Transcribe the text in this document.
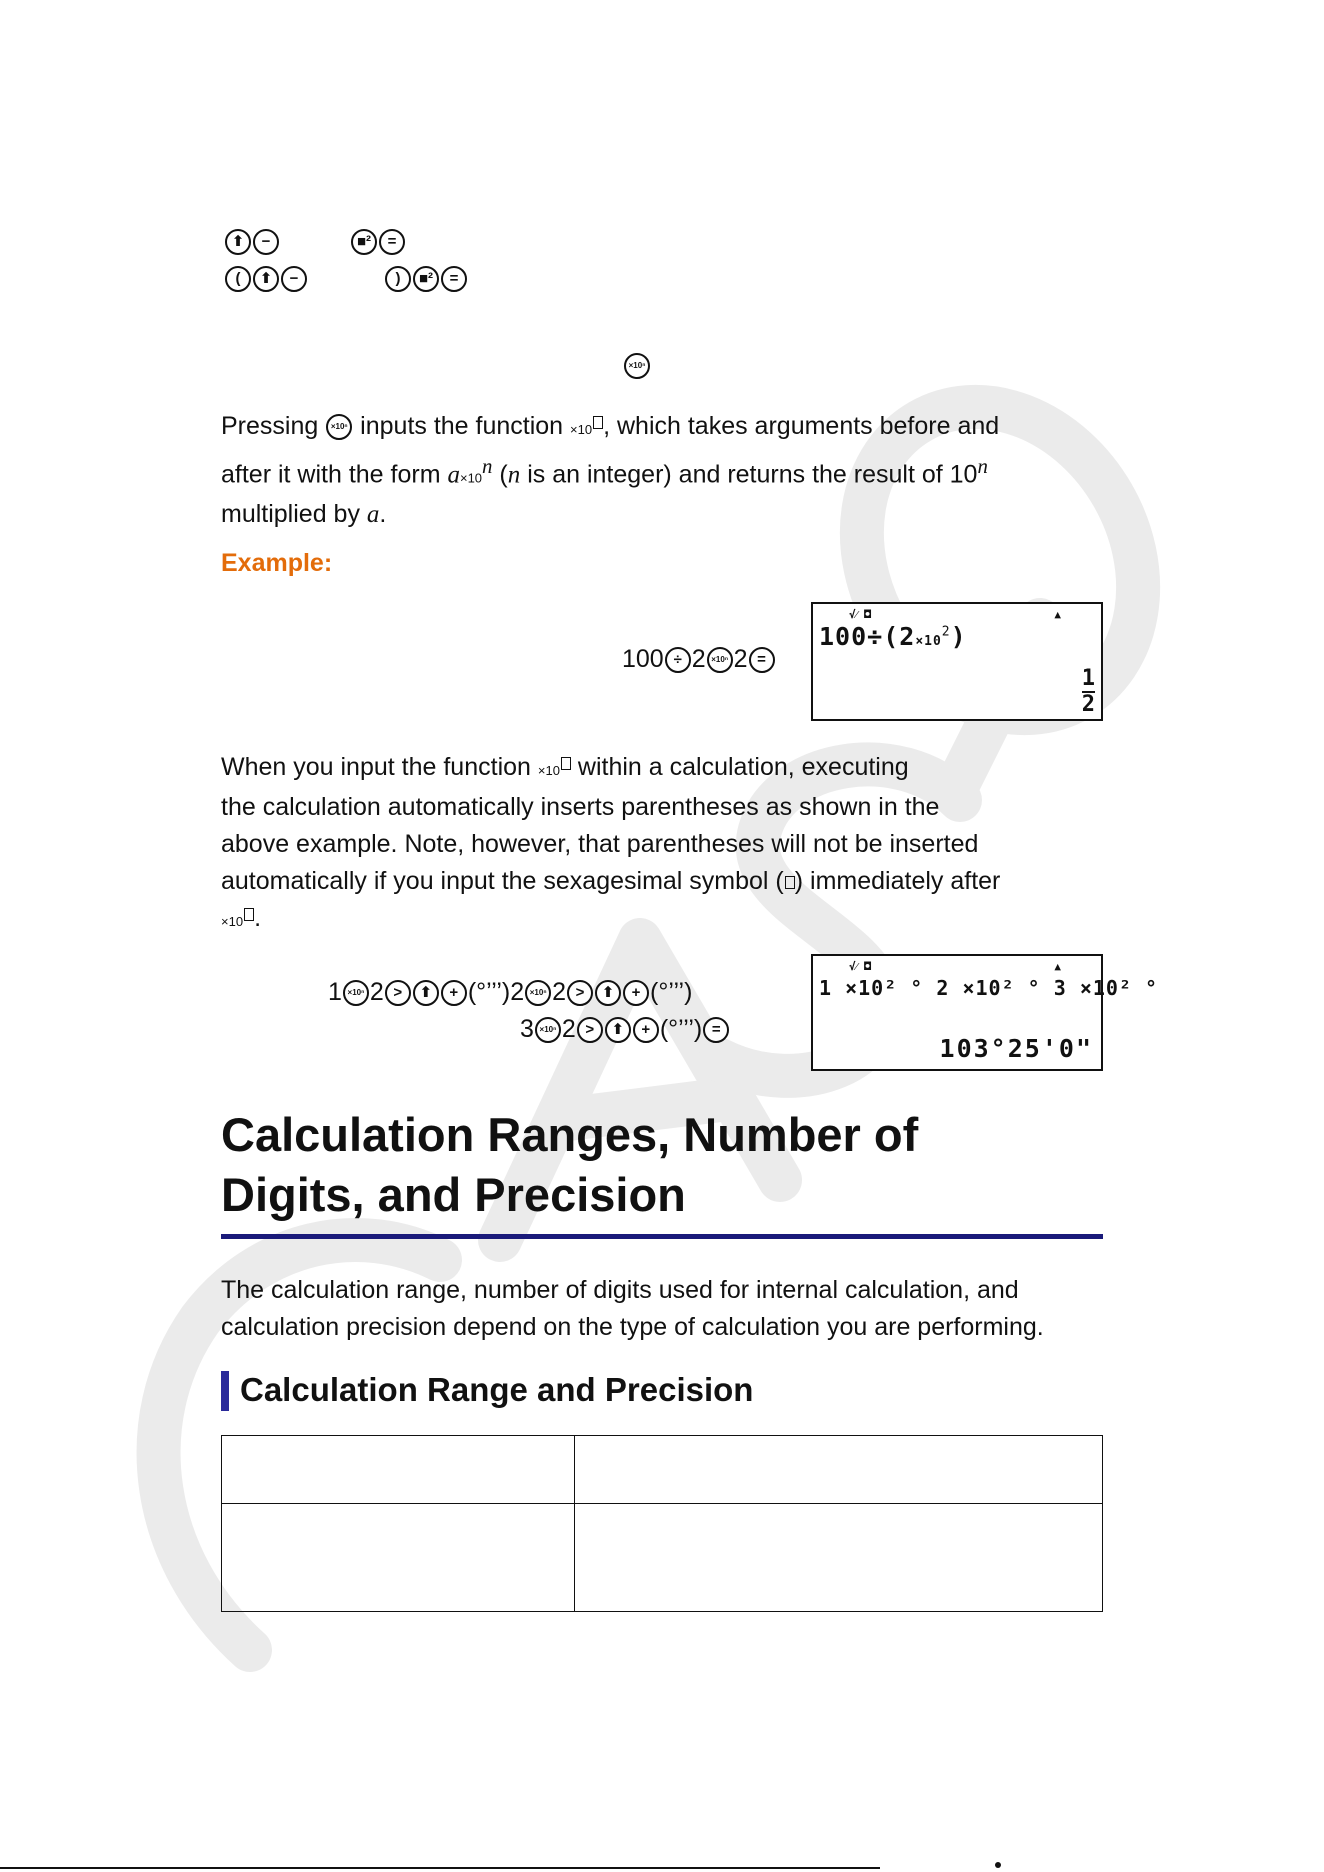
⬆ −	■² =
( ⬆ −	) ■² =
×10ⁿ
Pressing ×10ⁿ inputs the function ×10 , which takes arguments before and
after it with the form $a\times 10^n$ (n is an integer) and returns the result of 10$^n$
multiplied by a.
Example:
100 ÷ 2 ×10ⁿ 2 =
√⁄ ◘	▲
$100\div(2\times 10^2)$
$\frac{1}{2}$
When you input the function ×10 within a calculation, executing
the calculation automatically inserts parentheses as shown in the
above example. Note, however, that parentheses will not be inserted
automatically if you input the sexagesimal symbol ( ) immediately after
×10 .
1 ×10ⁿ 2 > ⬆ + (°’’’)2 ×10ⁿ 2 > ⬆ + (°’’’)
3 ×10ⁿ 2 > ⬆ + (°’’’) =
√⁄ ◘	▲
1 ×10² ° 2 ×10² ° 3 ×10² °
103°25'0"
Calculation Ranges, Number of
Digits, and Precision
The calculation range, number of digits used for internal calculation, and
calculation precision depend on the type of calculation you are performing.
Calculation Range and Precision
